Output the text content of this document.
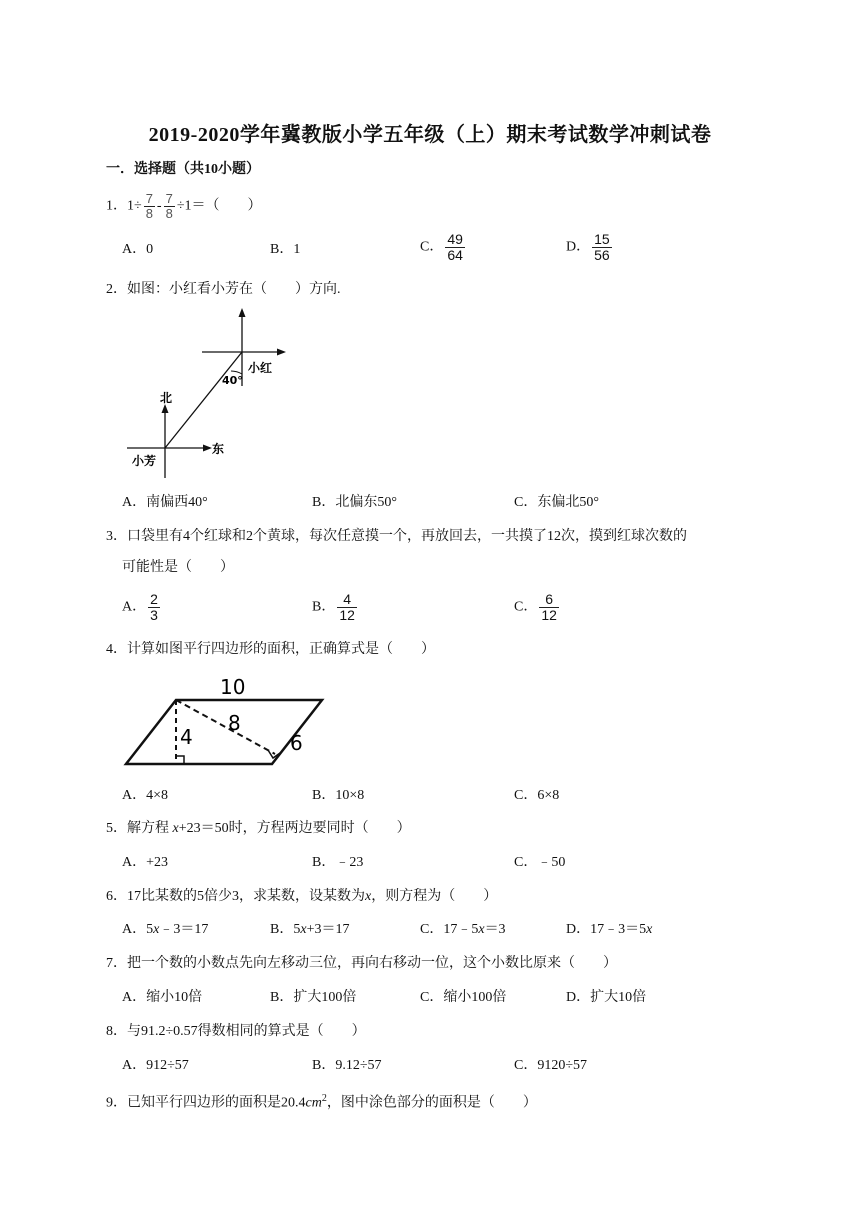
2019-2020学年冀教版小学五年级（上）期末考试数学冲刺试卷
一．选择题（共10小题）
1．$1\div \frac{7}{8} - \frac{7}{8} \div 1=$（　　）
A．0	B．1	C． $\frac{49}{64}$	D． $\frac{15}{56}$
2．如图：小红看小芳在（　　）方向.
北
东
小芳
小红
40°
A．南偏西40°	B．北偏东50°	C．东偏北50°
3．口袋里有4个红球和2个黄球，每次任意摸一个，再放回去，一共摸了12次，摸到红球次数的
可能性是（　　）
A． $\frac{2}{3}$	B． $\frac{4}{12}$	C． $\frac{6}{12}$
4．计算如图平行四边形的面积，正确算式是（　　）
10
8
4	6
A．4×8	B．10×8	C．6×8
5．解方程 x+23＝50时，方程两边要同时（　　）
A．+23	B．﹣23	C．﹣50
6．17比某数的5倍少3，求某数，设某数为x，则方程为（　　）
A．5x﹣3＝17	B．5x+3＝17	C．17﹣5x＝3	D．17﹣3＝5x
7．把一个数的小数点先向左移动三位，再向右移动一位，这个小数比原来（　　）
A．缩小10倍	B．扩大100倍	C．缩小100倍	D．扩大10倍
8．与91.2÷0.57得数相同的算式是（　　）
A．912÷57	B．9.12÷57	C．9120÷57
9．已知平行四边形的面积是$20.4cm^2$，图中涂色部分的面积是（　　）
